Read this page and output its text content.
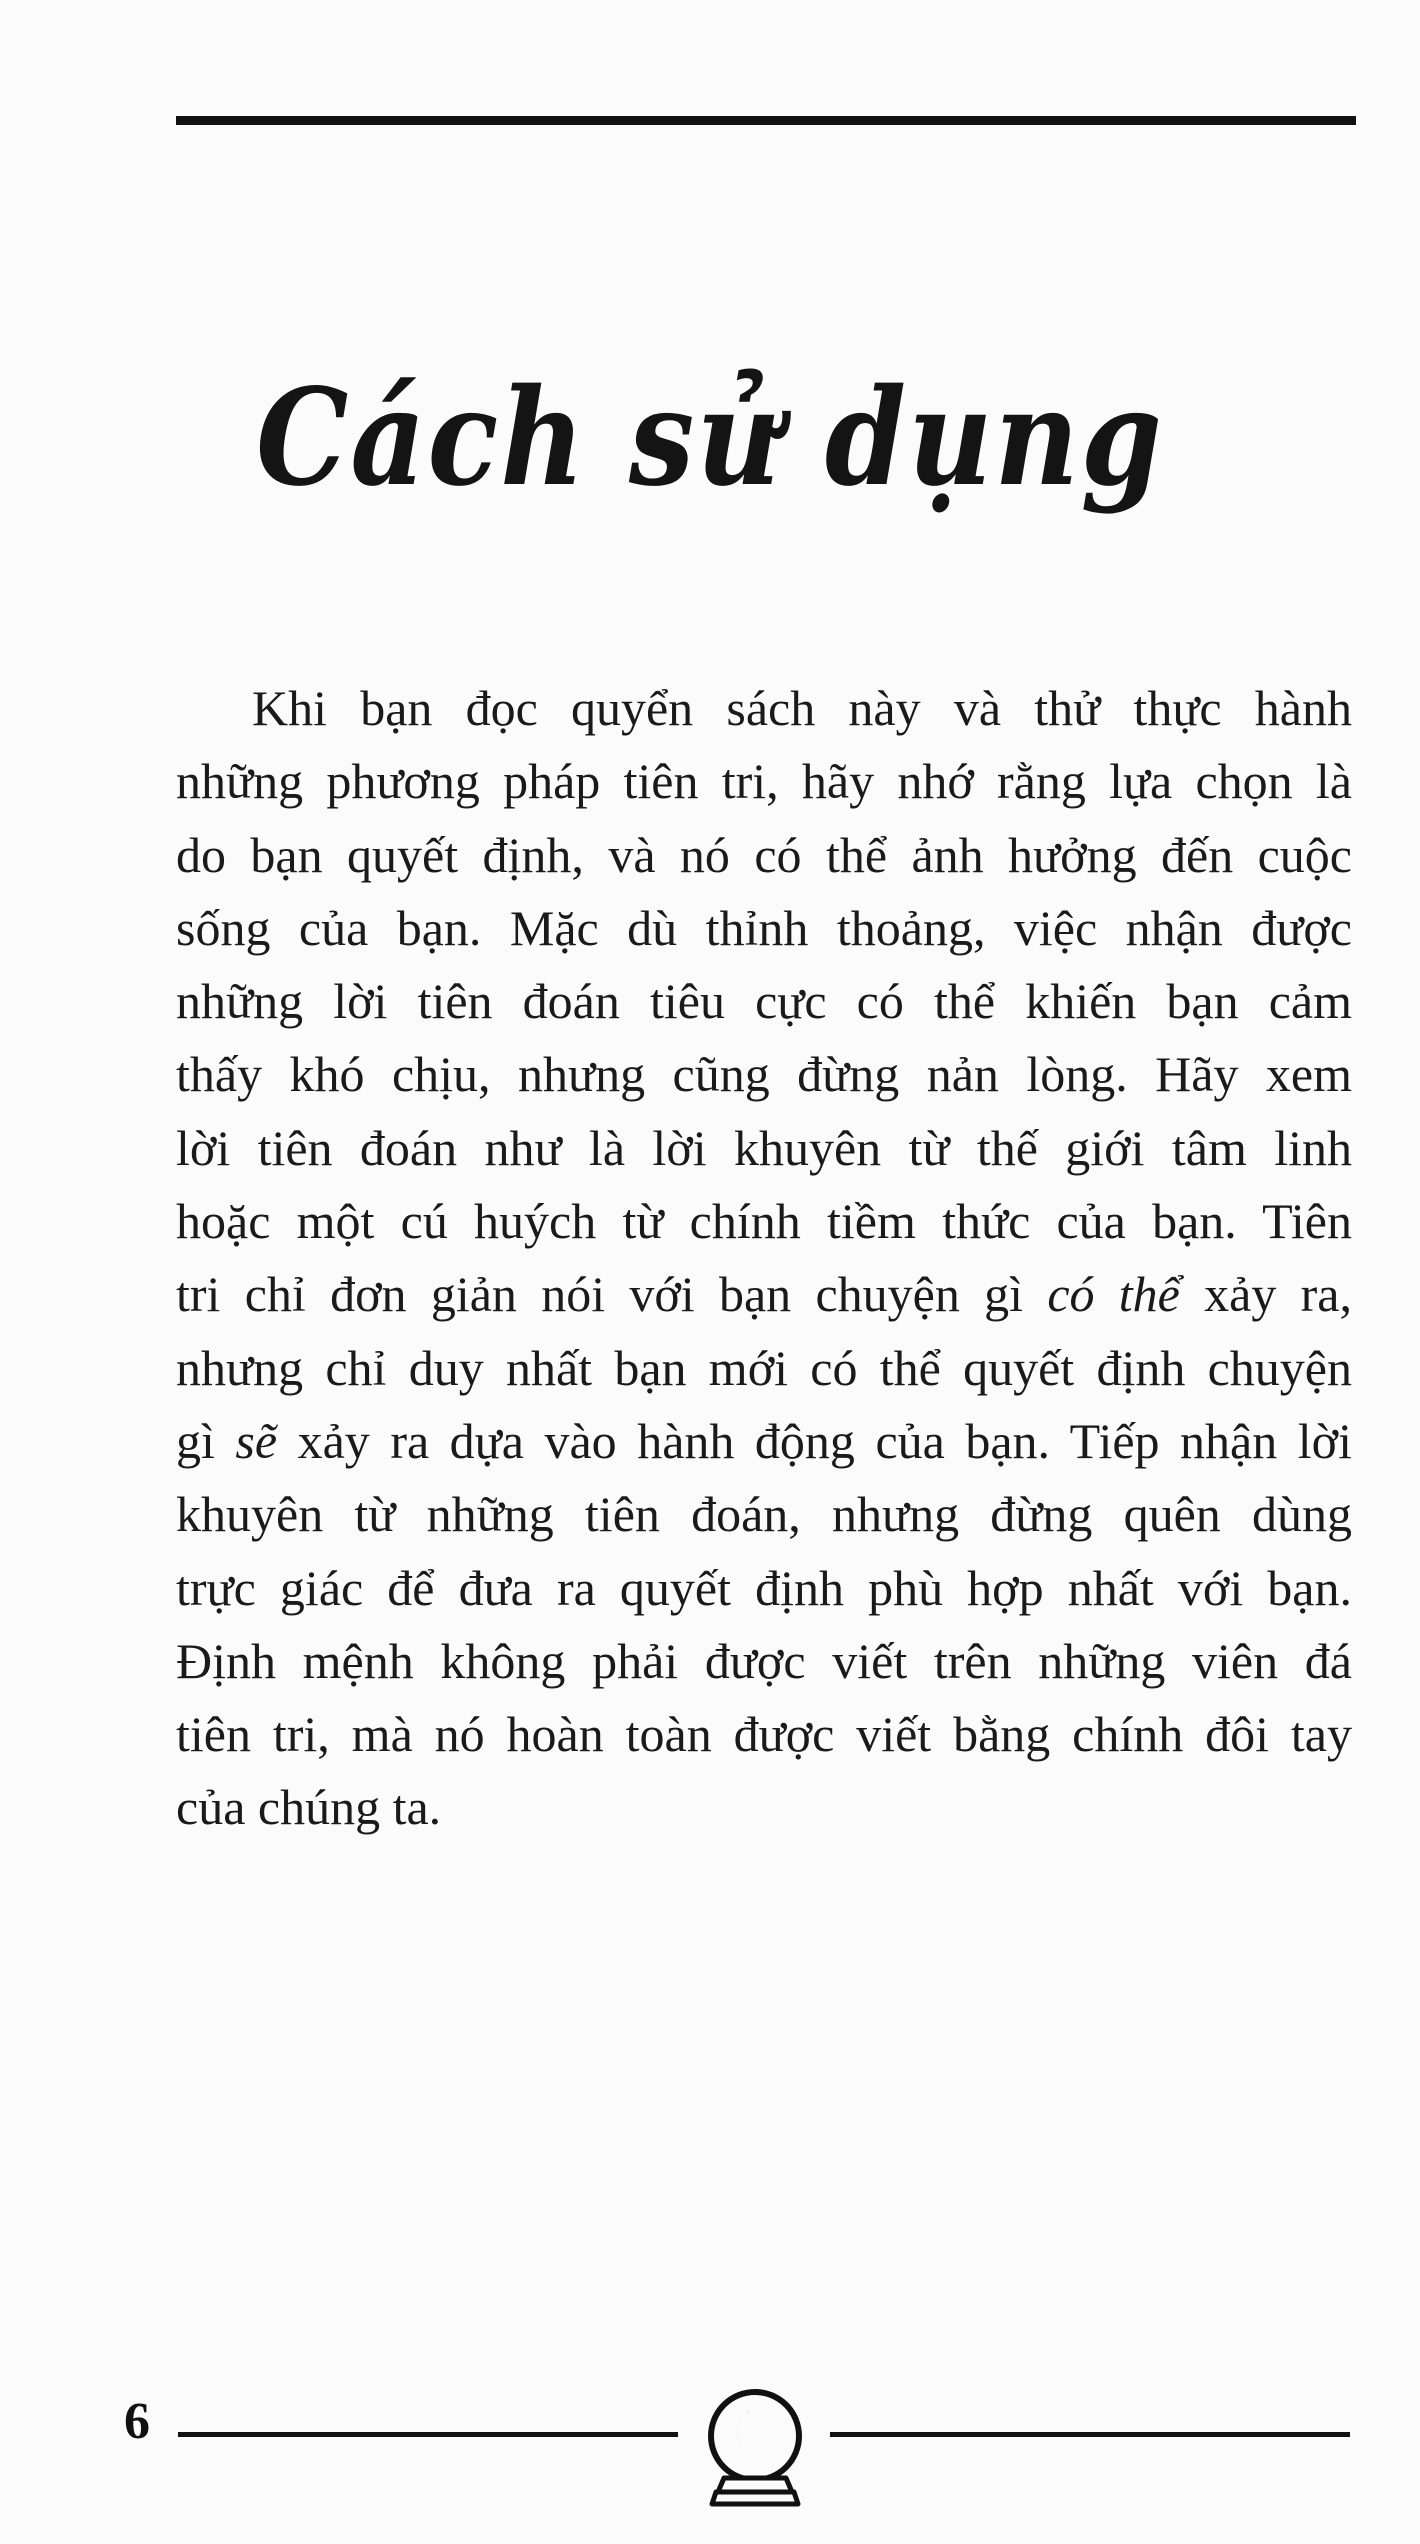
Cách sử dụng
Khi bạn đọc quyển sách này và thử thực hành
những phương pháp tiên tri, hãy nhớ rằng lựa chọn là
do bạn quyết định, và nó có thể ảnh hưởng đến cuộc
sống của bạn. Mặc dù thỉnh thoảng, việc nhận được
những lời tiên đoán tiêu cực có thể khiến bạn cảm
thấy khó chịu, nhưng cũng đừng nản lòng. Hãy xem
lời tiên đoán như là lời khuyên từ thế giới tâm linh
hoặc một cú huých từ chính tiềm thức của bạn. Tiên
tri chỉ đơn giản nói với bạn chuyện gì có thể xảy ra,
nhưng chỉ duy nhất bạn mới có thể quyết định chuyện
gì sẽ xảy ra dựa vào hành động của bạn. Tiếp nhận lời
khuyên từ những tiên đoán, nhưng đừng quên dùng
trực giác để đưa ra quyết định phù hợp nhất với bạn.
Định mệnh không phải được viết trên những viên đá
tiên tri, mà nó hoàn toàn được viết bằng chính đôi tay
của chúng ta.
6
